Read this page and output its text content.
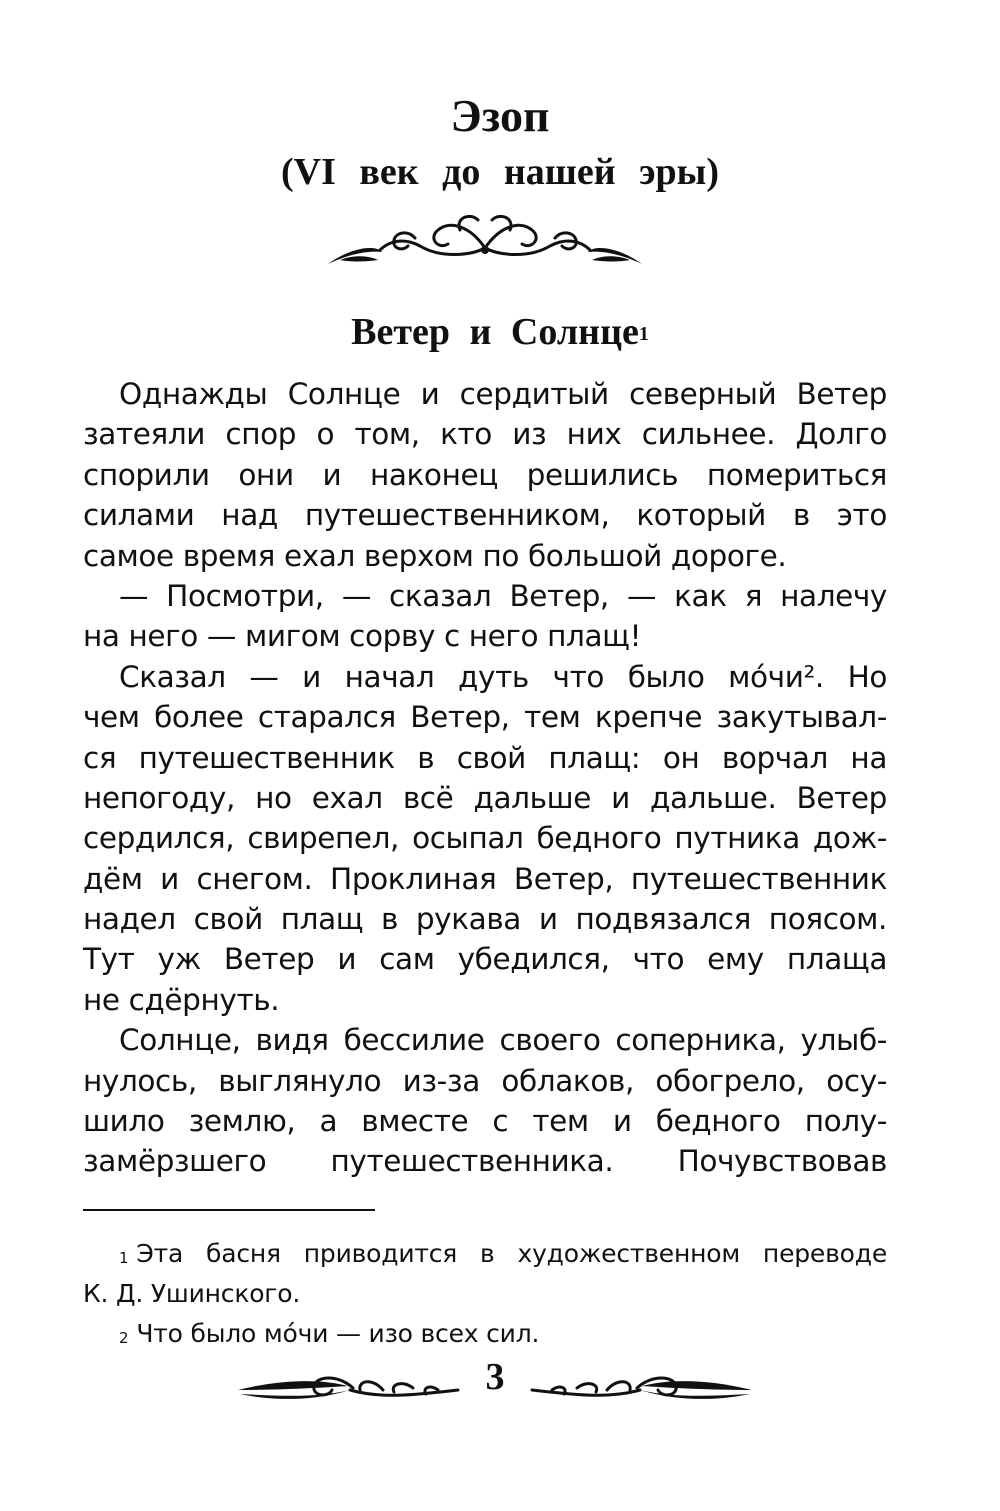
Эзоп
(VI век до нашей эры)
Ветер и Солнце$^1$
Однажды Солнце и сердитый северный Ветер
затеяли спор о том, кто из них сильнее. Долго
спорили они и наконец решились помериться
силами над путешественником, который в это
самое время ехал верхом по большой дороге.
— Посмотри, — сказал Ветер, — как я налечу
на него — мигом сорву с него плащ!
Сказал — и начал дуть что было мо́чи². Но
чем более старался Ветер, тем крепче закутывал-
ся путешественник в свой плащ: он ворчал на
непогоду, но ехал всё дальше и дальше. Ветер
сердился, свирепел, осыпал бедного путника дож-
дём и снегом. Проклиная Ветер, путешественник
надел свой плащ в рукава и подвязался поясом.
Тут уж Ветер и сам убедился, что ему плаща
не сдёрнуть.
Солнце, видя бессилие своего соперника, улыб-
нулось, выглянуло из-за облаков, обогрело, осу-
шило землю, а вместе с тем и бедного полу-
замёрзшего путешественника. Почувствовав
$^1$ Эта басня приводится в художественном переводе
К. Д. Ушинского.
$^2$ Что было мо́чи — изо всех сил.
3
